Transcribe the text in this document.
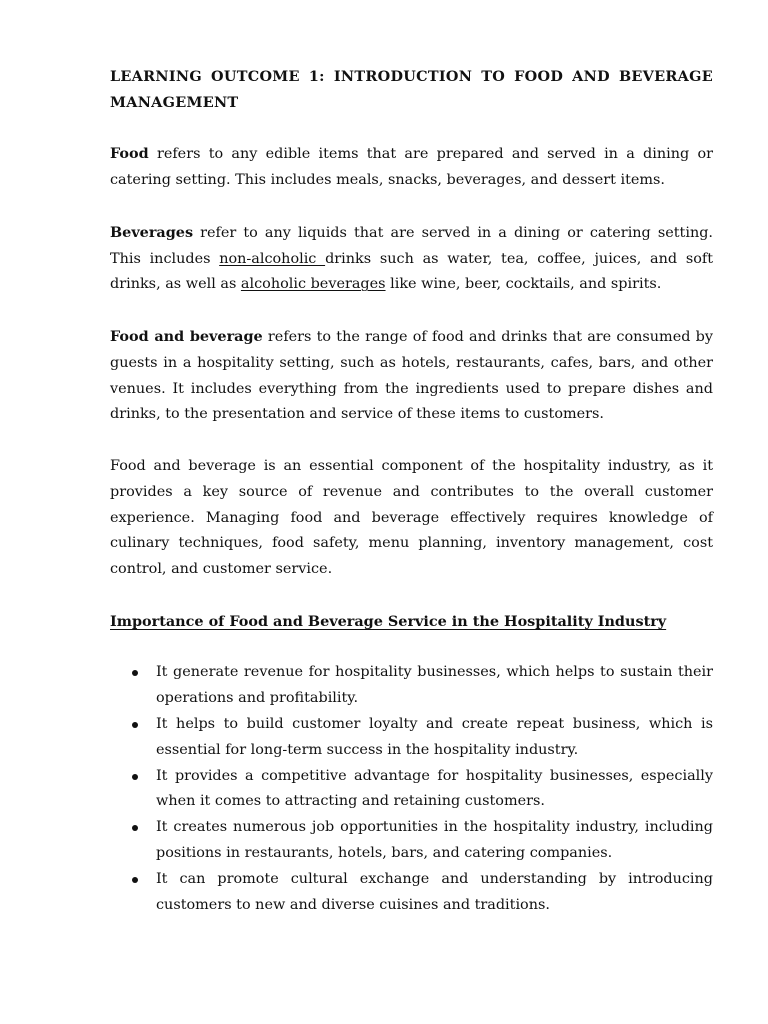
LEARNING OUTCOME 1: INTRODUCTION TO FOOD AND BEVERAGE
MANAGEMENT

Food refers to any edible items that are prepared and served in a dining or catering setting. This includes meals, snacks, beverages, and dessert items.

Beverages refer to any liquids that are served in a dining or catering setting. This includes non-alcoholic drinks such as water, tea, coffee, juices, and soft drinks, as well as alcoholic beverages like wine, beer, cocktails, and spirits.

Food and beverage refers to the range of food and drinks that are consumed by guests in a hospitality setting, such as hotels, restaurants, cafes, bars, and other venues. It includes everything from the ingredients used to prepare dishes and drinks, to the presentation and service of these items to customers.

Food and beverage is an essential component of the hospitality industry, as it provides a key source of revenue and contributes to the overall customer experience. Managing food and beverage effectively requires knowledge of culinary techniques, food safety, menu planning, inventory management, cost control, and customer service.

Importance of Food and Beverage Service in the Hospitality Industry

It generate revenue for hospitality businesses, which helps to sustain their operations and profitability.
It helps to build customer loyalty and create repeat business, which is essential for long-term success in the hospitality industry.
It provides a competitive advantage for hospitality businesses, especially when it comes to attracting and retaining customers.
It creates numerous job opportunities in the hospitality industry, including positions in restaurants, hotels, bars, and catering companies.
It can promote cultural exchange and understanding by introducing customers to new and diverse cuisines and traditions.
